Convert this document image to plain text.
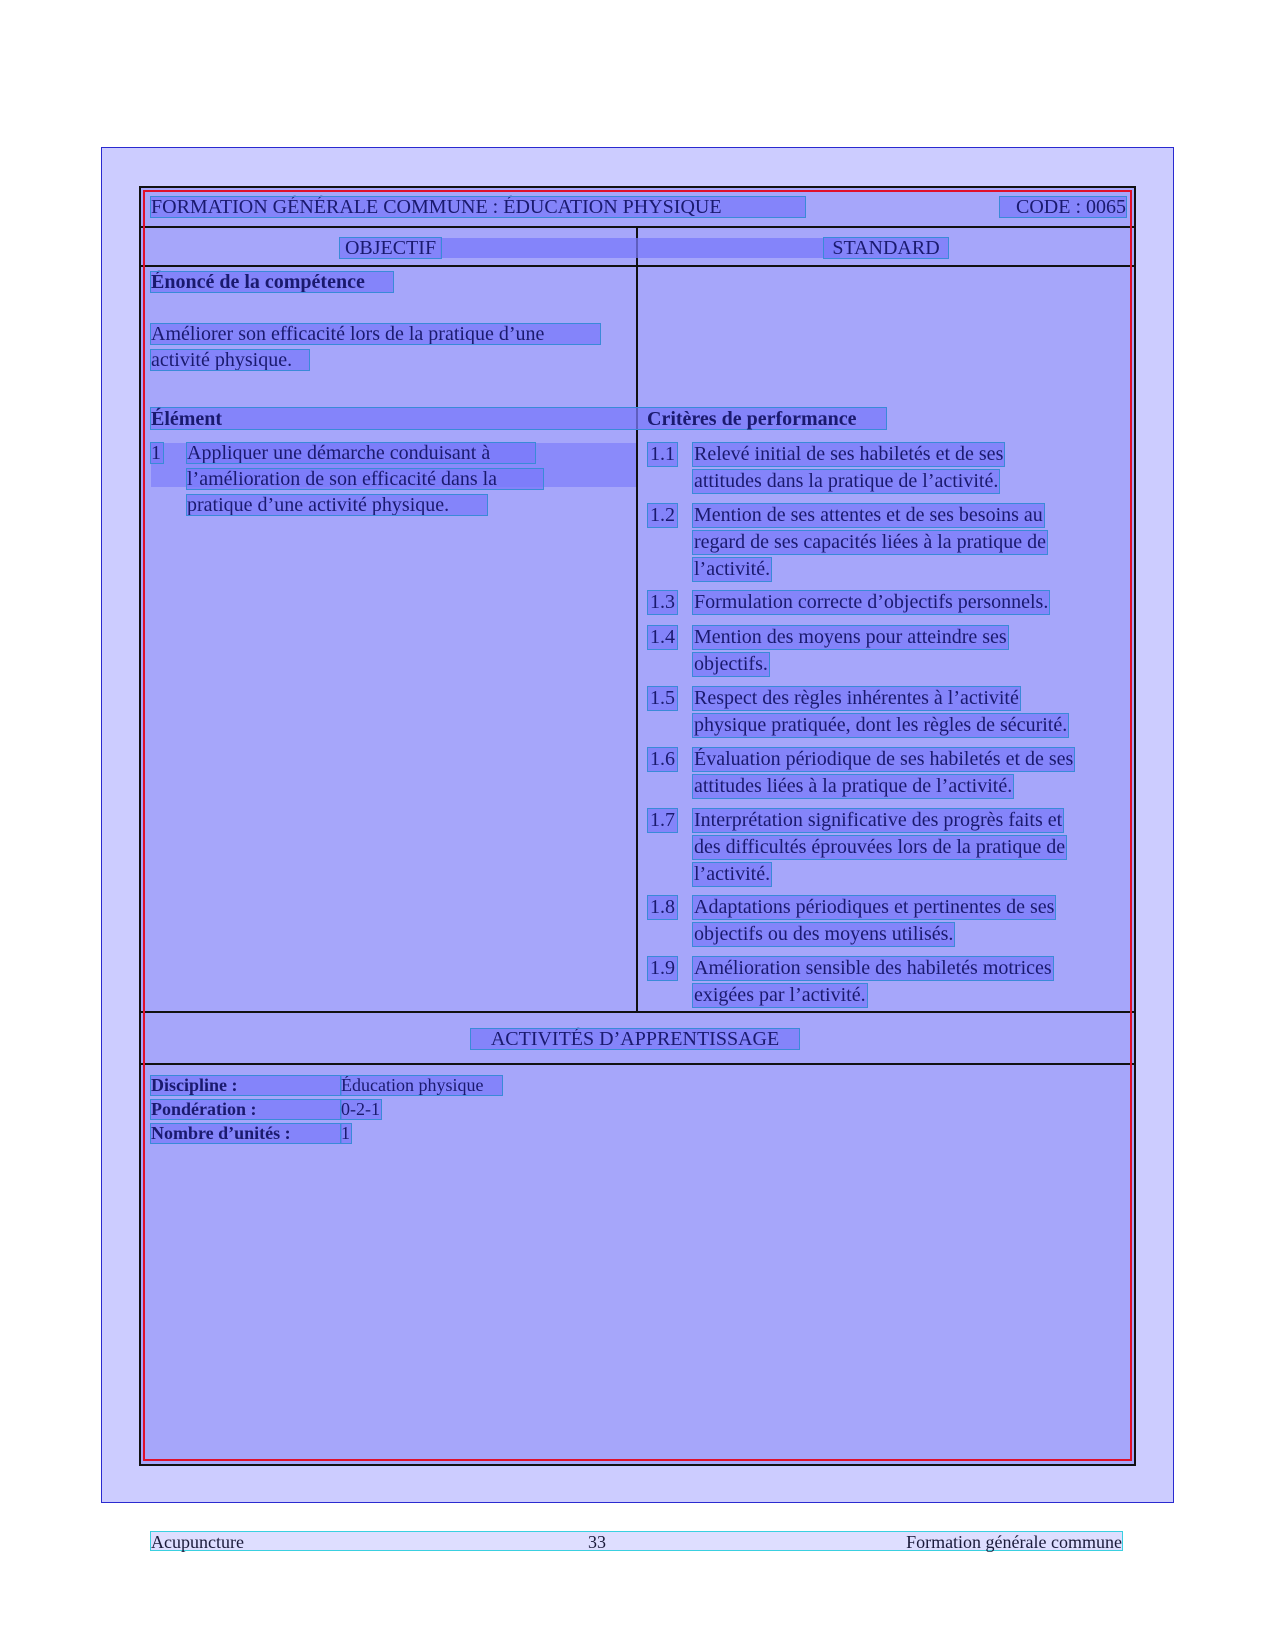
FORMATION GÉNÉRALE COMMUNE : ÉDUCATION PHYSIQUE	CODE : 0065
OBJECTIF	STANDARD
Énoncé de la compétence
Améliorer son efficacité lors de la pratique d’une
activité physique.
Élément	Critères de performance
1 Appliquer une démarche conduisant à
l’amélioration de son efficacité dans la
pratique d’une activité physique.
1.1 Relevé initial de ses habiletés et de ses
attitudes dans la pratique de l’activité.
1.2 Mention de ses attentes et de ses besoins au
regard de ses capacités liées à la pratique de
l’activité.
1.3 Formulation correcte d’objectifs personnels.
1.4 Mention des moyens pour atteindre ses
objectifs.
1.5 Respect des règles inhérentes à l’activité
physique pratiquée, dont les règles de sécurité.
1.6 Évaluation périodique de ses habiletés et de ses
attitudes liées à la pratique de l’activité.
1.7 Interprétation significative des progrès faits et
des difficultés éprouvées lors de la pratique de
l’activité.
1.8 Adaptations périodiques et pertinentes de ses
objectifs ou des moyens utilisés.
1.9 Amélioration sensible des habiletés motrices
exigées par l’activité.
ACTIVITÉS D’APPRENTISSAGE
Discipline :	Éducation physique
Pondération :	0-2-1
Nombre d’unités :	1
Acupuncture	33	Formation générale commune
